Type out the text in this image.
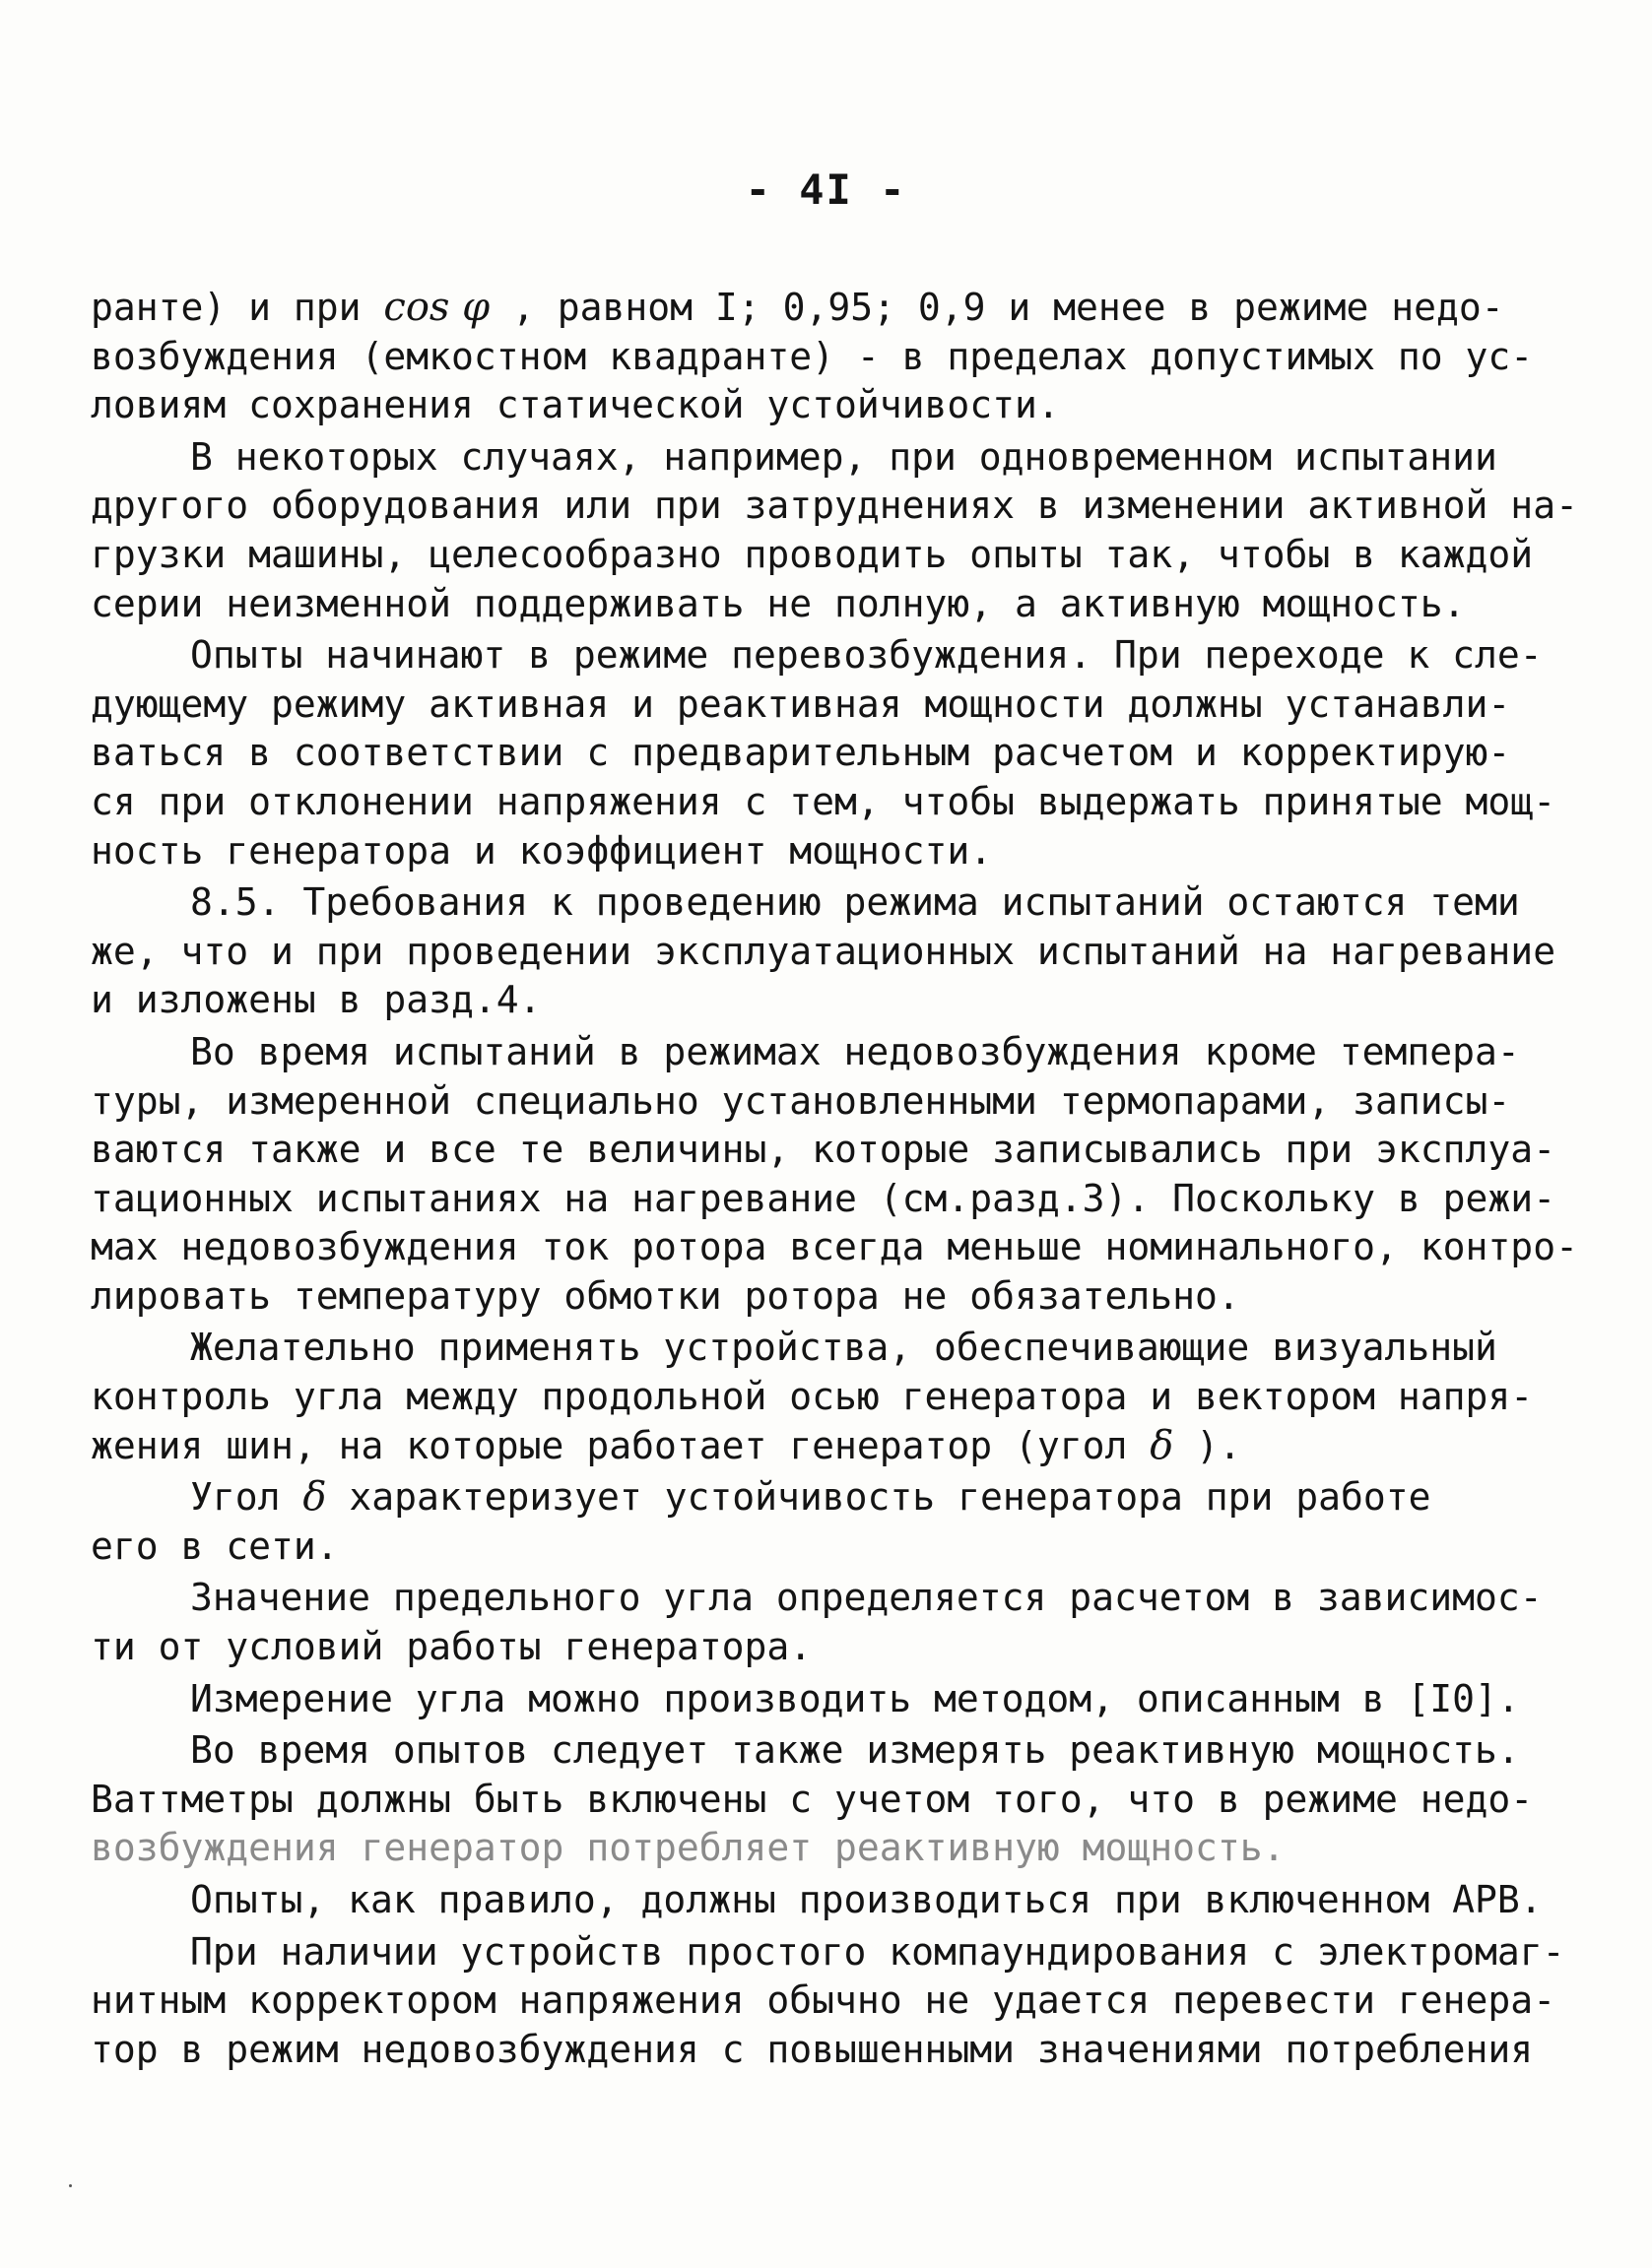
- 4I -
ранте) и при cos φ , равном I; 0,95; 0,9 и менее в режиме недо-
возбуждения (емкостном квадранте) - в пределах допустимых по ус-
ловиям сохранения статической устойчивости.
В некоторых случаях, например, при одновременном испытании
другого оборудования или при затруднениях в изменении активной на-
грузки машины, целесообразно проводить опыты так, чтобы в каждой
серии неизменной поддерживать не полную, а активную мощность.
Опыты начинают в режиме перевозбуждения. При переходе к сле-
дующему режиму активная и реактивная мощности должны устанавли-
ваться в соответствии с предварительным расчетом и корректирую-
ся при отклонении напряжения с тем, чтобы выдержать принятые мощ-
ность генератора и коэффициент мощности.
8.5. Требования к проведению режима испытаний остаются теми
же, что и при проведении эксплуатационных испытаний на нагревание
и изложены в разд.4.
Во время испытаний в режимах недовозбуждения кроме темпера-
туры, измеренной специально установленными термопарами, записы-
ваются также и все те величины, которые записывались при эксплуа-
тационных испытаниях на нагревание (см.разд.3). Поскольку в режи-
мах недовозбуждения ток ротора всегда меньше номинального, контро-
лировать температуру обмотки ротора не обязательно.
Желательно применять устройства, обеспечивающие визуальный
контроль угла между продольной осью генератора и вектором напря-
жения шин, на которые работает генератор (угол δ ).
Угол δ характеризует устойчивость генератора при работе
его в сети.
Значение предельного угла определяется расчетом в зависимос-
ти от условий работы генератора.
Измерение угла можно производить методом, описанным в [I0].
Во время опытов следует также измерять реактивную мощность.
Ваттметры должны быть включены с учетом того, что в режиме недо-
возбуждения генератор потребляет реактивную мощность.
Опыты, как правило, должны производиться при включенном АРВ.
При наличии устройств простого компаундирования с электромаг-
нитным корректором напряжения обычно не удается перевести генера-
тор в режим недовозбуждения с повышенными значениями потребления
